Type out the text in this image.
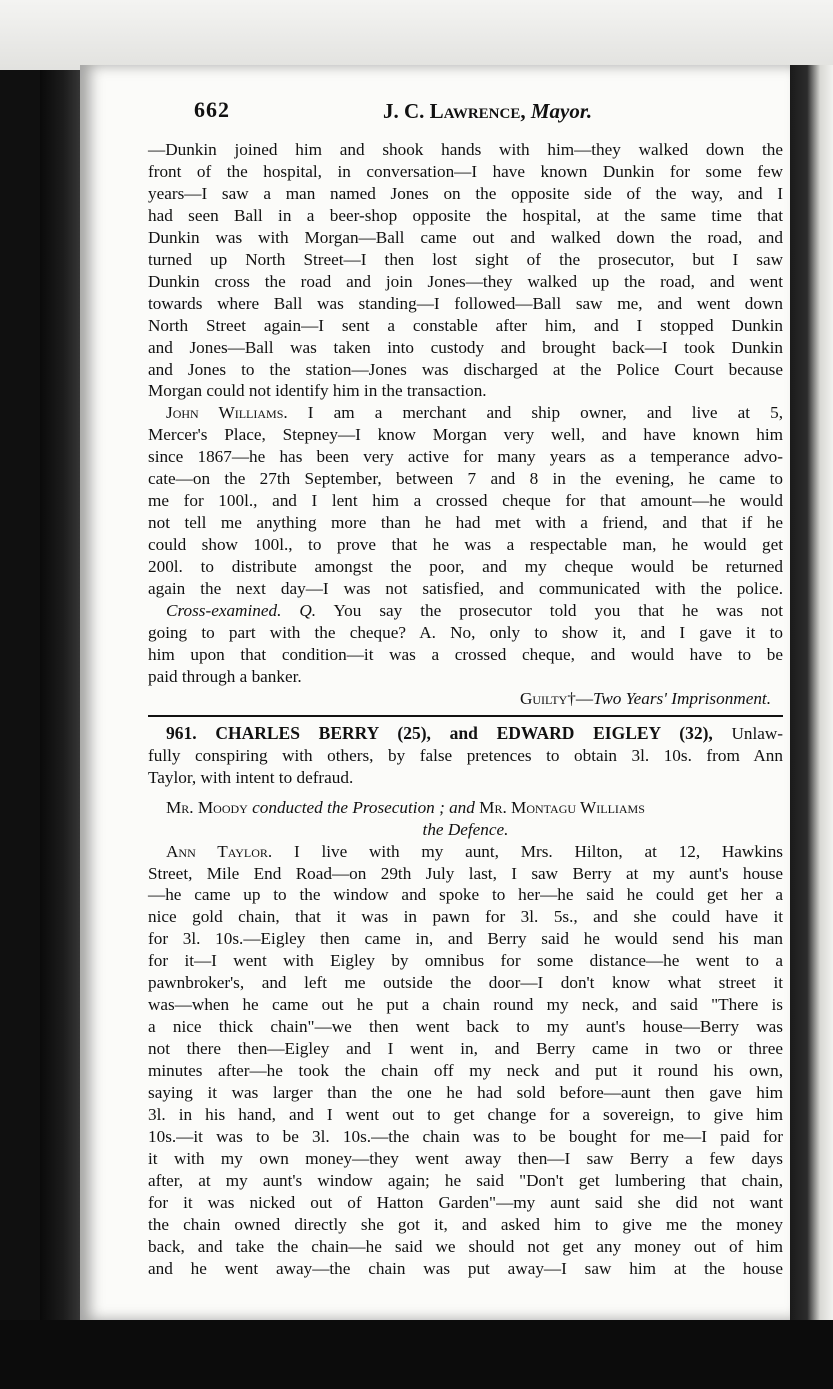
662	J. C. Lawrence, Mayor.
—Dunkin joined him and shook hands with him—they walked down the
front of the hospital, in conversation—I have known Dunkin for some few
years—I saw a man named Jones on the opposite side of the way, and I
had seen Ball in a beer-shop opposite the hospital, at the same time that
Dunkin was with Morgan—Ball came out and walked down the road, and
turned up North Street—I then lost sight of the prosecutor, but I saw
Dunkin cross the road and join Jones—they walked up the road, and went
towards where Ball was standing—I followed—Ball saw me, and went down
North Street again—I sent a constable after him, and I stopped Dunkin
and Jones—Ball was taken into custody and brought back—I took Dunkin
and Jones to the station—Jones was discharged at the Police Court because
Morgan could not identify him in the transaction.
John Williams. I am a merchant and ship owner, and live at 5,
Mercer's Place, Stepney—I know Morgan very well, and have known him
since 1867—he has been very active for many years as a temperance advo-
cate—on the 27th September, between 7 and 8 in the evening, he came to
me for 100l., and I lent him a crossed cheque for that amount—he would
not tell me anything more than he had met with a friend, and that if he
could show 100l., to prove that he was a respectable man, he would get
200l. to distribute amongst the poor, and my cheque would be returned
again the next day—I was not satisfied, and communicated with the police.
Cross-examined. Q. You say the prosecutor told you that he was not
going to part with the cheque? A. No, only to show it, and I gave it to
him upon that condition—it was a crossed cheque, and would have to be
paid through a banker.
Guilty†—Two Years' Imprisonment.
961. CHARLES BERRY (25), and EDWARD EIGLEY (32), Unlaw-
fully conspiring with others, by false pretences to obtain 3l. 10s. from Ann
Taylor, with intent to defraud.
Mr. Moody conducted the Prosecution ; and Mr. Montagu Williams
the Defence.
Ann Taylor. I live with my aunt, Mrs. Hilton, at 12, Hawkins
Street, Mile End Road—on 29th July last, I saw Berry at my aunt's house
—he came up to the window and spoke to her—he said he could get her a
nice gold chain, that it was in pawn for 3l. 5s., and she could have it
for 3l. 10s.—Eigley then came in, and Berry said he would send his man
for it—I went with Eigley by omnibus for some distance—he went to a
pawnbroker's, and left me outside the door—I don't know what street it
was—when he came out he put a chain round my neck, and said "There is
a nice thick chain"—we then went back to my aunt's house—Berry was
not there then—Eigley and I went in, and Berry came in two or three
minutes after—he took the chain off my neck and put it round his own,
saying it was larger than the one he had sold before—aunt then gave him
3l. in his hand, and I went out to get change for a sovereign, to give him
10s.—it was to be 3l. 10s.—the chain was to be bought for me—I paid for
it with my own money—they went away then—I saw Berry a few days
after, at my aunt's window again; he said "Don't get lumbering that chain,
for it was nicked out of Hatton Garden"—my aunt said she did not want
the chain owned directly she got it, and asked him to give me the money
back, and take the chain—he said we should not get any money out of him
and he went away—the chain was put away—I saw him at the house
